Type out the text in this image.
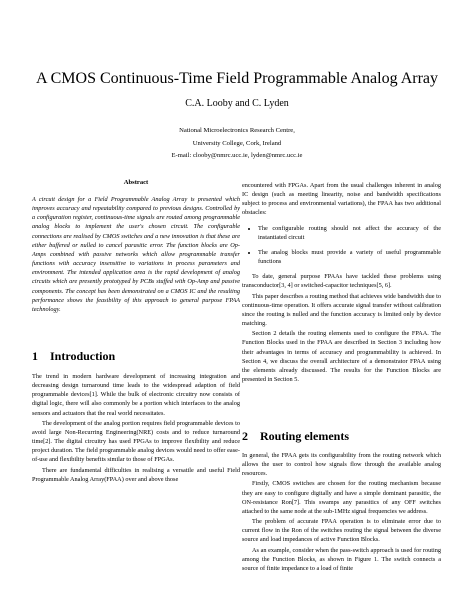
A CMOS Continuous-Time Field Programmable Analog Array
C.A. Looby and C. Lyden
National Microelectronics Research Centre,
University College, Cork, Ireland
E-mail: clooby@nmrc.ucc.ie, lyden@nmrc.ucc.ie
Abstract
A circuit design for a Field Programmable Analog Array is presented which improves accuracy and repeatability compared to previous designs. Controlled by a configuration register, continuous-time signals are routed among programmable analog blocks to implement the user's chosen circuit. The configurable connections are realised by CMOS switches and a new innovation is that these are either buffered or nulled to cancel parasitic error. The function blocks are Op-Amps combined with passive networks which allow programmable transfer functions with accuracy insensitive to variations in process parameters and environment. The intended application area is the rapid development of analog circuits which are presently prototyped by PCBs stuffed with Op-Amp and passive components. The concept has been demonstrated on a CMOS IC and the resulting performance shows the feasibility of this approach to general purpose FPAA technology.
1 Introduction

The trend in modern hardware development of increasing integration and decreasing design turnaround time leads to the widespread adaption of field programmable devices[1]. While the bulk of electronic circuitry now consists of digital logic, there will also commonly be a portion which interfaces to the analog sensors and actuators that the real world necessitates.

The development of the analog portion requires field programmable devices to avoid large Non-Recurring Engineering(NRE) costs and to reduce turnaround time[2]. The digital circuitry has used FPGAs to improve flexibility and reduce project duration. The field programmable analog devices would need to offer ease-of-use and flexibility benefits similar to those of FPGAs.

There are fundamental difficulties in realising a versatile and useful Field Programmable Analog Array(FPAA) over and above those

encountered with FPGAs. Apart from the usual challenges inherent in analog IC design (such as meeting linearity, noise and bandwidth specifications subject to process and environmental variations), the FPAA has two additional obstacles:

• The configurable routing should not affect the accuracy of the instantiated circuit
• The analog blocks must provide a variety of useful programmable functions

To date, general purpose FPAAs have tackled these problems using transconductor[3, 4] or switched-capacitor techniques[5, 6].

This paper describes a routing method that achieves wide bandwidth due to continuous-time operation. It offers accurate signal transfer without calibration since the routing is nulled and the function accuracy is limited only by device matching.

Section 2 details the routing elements used to configure the FPAA. The Function Blocks used in the FPAA are described in Section 3 including how their advantages in terms of accuracy and programmability is achieved. In Section 4, we discuss the overall architecture of a demonstrator FPAA using the elements already discussed. The results for the Function Blocks are presented in Section 5.

2 Routing elements

In general, the FPAA gets its configurability from the routing network which allows the user to control how signals flow through the available analog resources.

Firstly, CMOS switches are chosen for the routing mechanism because they are easy to configure digitally and have a simple dominant parasitic, the ON-resistance Ron[7]. This swamps any parasitics of any OFF switches attached to the same node at the sub-1MHz signal frequencies we address.

The problem of accurate FPAA operation is to eliminate error due to current flow in the Ron of the switches routing the signal between the diverse source and load impedances of active Function Blocks.

As an example, consider when the pass-switch approach is used for routing among the Function Blocks, as shown in Figure 1. The switch connects a source of finite impedance to a load of finite
